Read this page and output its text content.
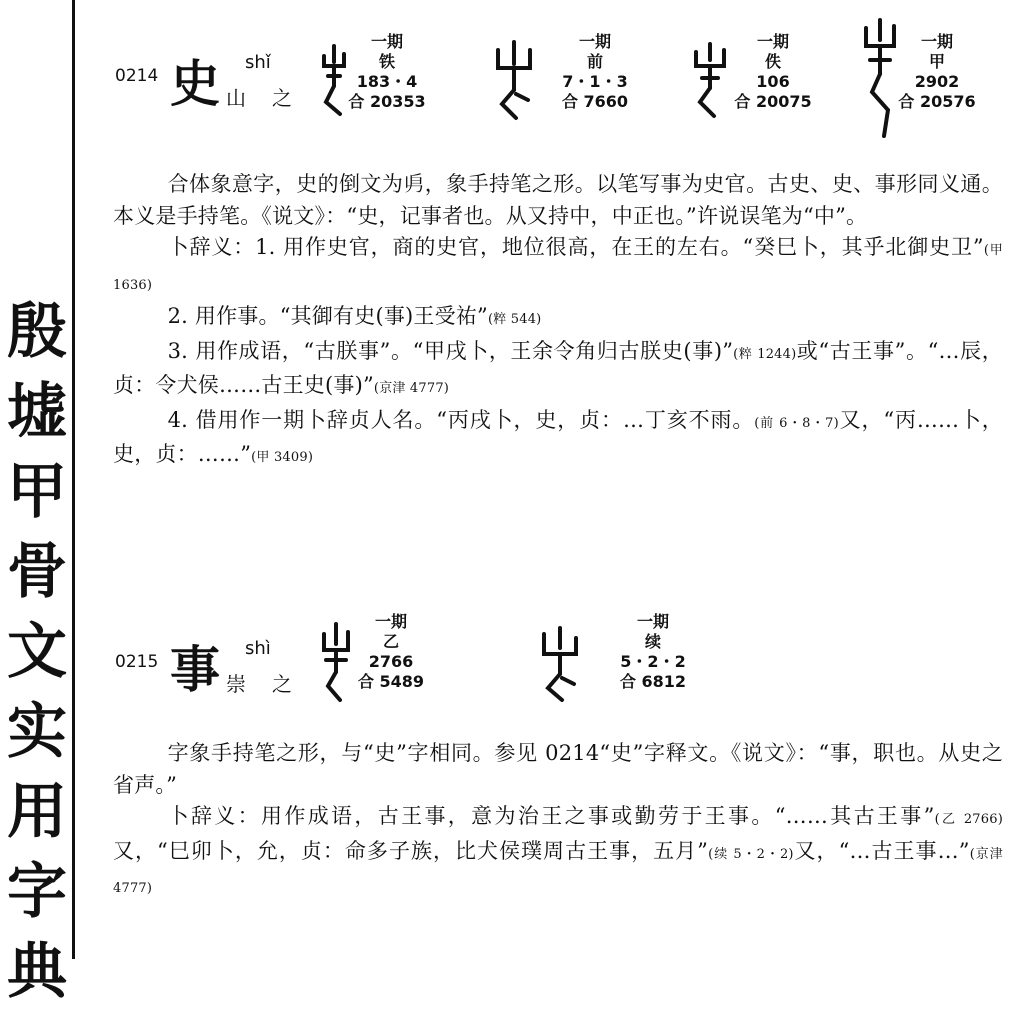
殷
墟
甲
骨
文
实
用
字
典
0214 史 shǐ
山 之
一期
铁
183・4
合 20353
一期
前
7・1・3
合 7660
一期
佚
106
合 20075
一期
甲
2902
合 20576

合体象意字，史的倒文为𠂣，象手持笔之形。以笔写事为史官。古史、史、事形同义通。本义是手持笔。《说文》：“史，记事者也。从又持中，中正也。”许说误笔为“中”。

卜辞义：1. 用作史官，商的史官，地位很高，在王的左右。“癸巳卜，其乎北御史卫”(甲 1636)

2. 用作事。“其御有史(事)王受祐”(粹 544)

3. 用作成语，“古朕事”。“甲戌卜，王余令角归古朕史(事)”(粹 1244)或“古王事”。“…辰，贞：令犬侯……古王史(事)”(京津 4777)

4. 借用作一期卜辞贞人名。“丙戌卜，史，贞：…丁亥不雨。(前 6・8・7)又，“丙……卜，史，贞：……”(甲 3409)

0215 事 shì
崇 之
一期
乙
2766
合 5489
一期
续
5・2・2
合 6812

字象手持笔之形，与“史”字相同。参见 0214“史”字释文。《说文》：“事，职也。从史之省声。”

卜辞义：用作成语，古王事，意为治王之事或勤劳于王事。“……其古王事”(乙 2766)又，“巳卯卜，允，贞：命多子族，比犬侯璞周古王事，五月”(续 5・2・2)又，“…古王事…”(京津 4777)
